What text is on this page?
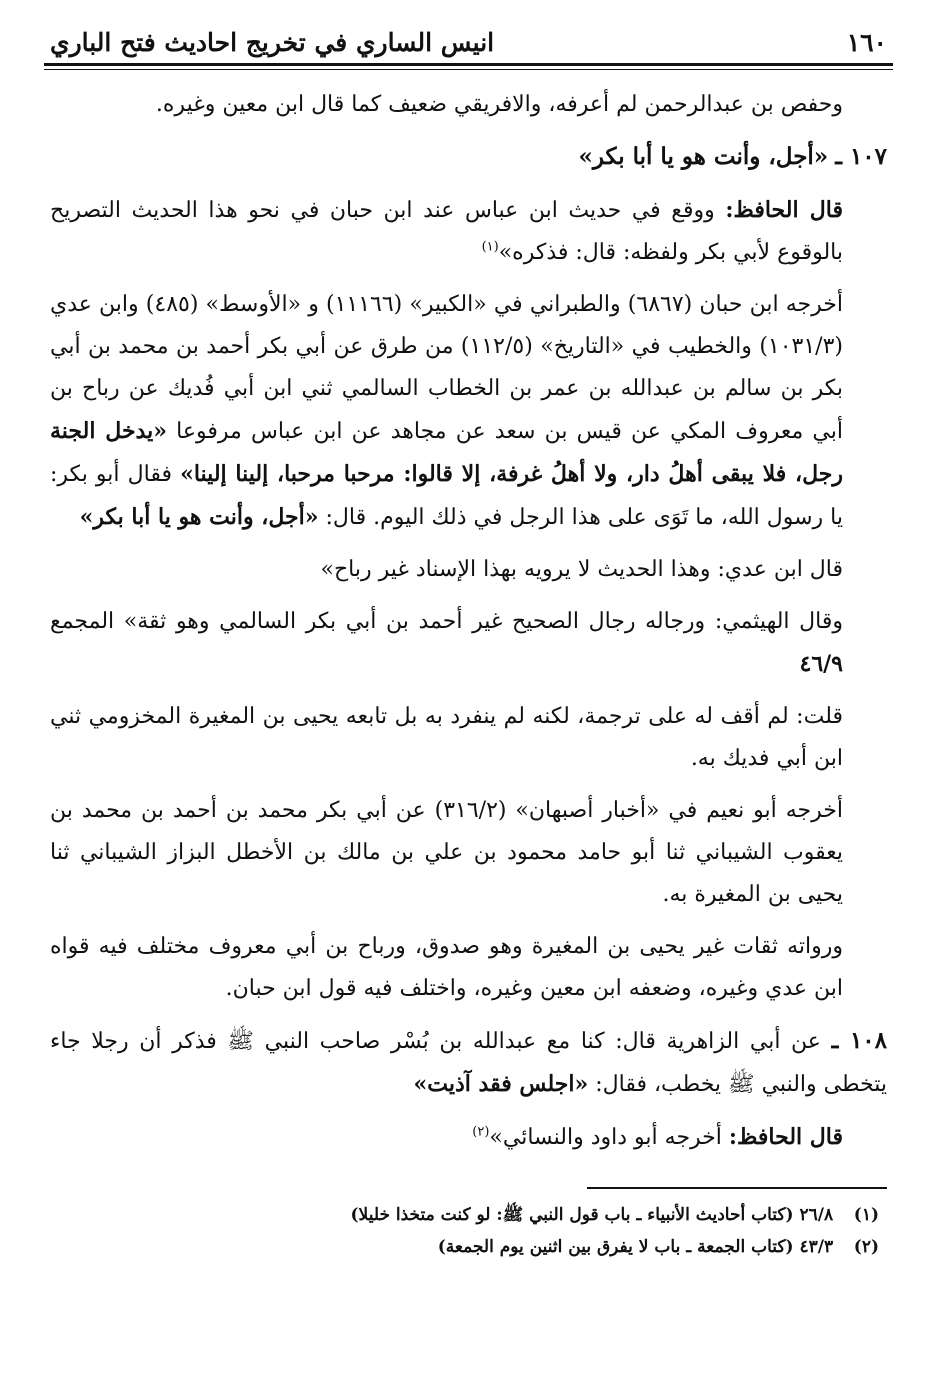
١٦٠
انيس الساري في تخريج احاديث فتح الباري

وحفص بن عبدالرحمن لم أعرفه، والافريقي ضعيف كما قال ابن معين وغيره.

١٠٧ ـ «أجل، وأنت هو يا أبا بكر»

قال الحافظ: ووقع في حديث ابن عباس عند ابن حبان في نحو هذا الحديث التصريح بالوقوع لأبي بكر ولفظه: قال: فذكره»$^{(١)}$

أخرجه ابن حبان (٦٨٦٧) والطبراني في «الكبير» (١١١٦٦) و «الأوسط» (٤٨٥) وابن عدي (١٠٣١/٣) والخطيب في «التاريخ» (١١٢/٥) من طرق عن أبي بكر أحمد بن محمد بن أبي بكر بن سالم بن عبدالله بن عمر بن الخطاب السالمي ثني ابن أبي فُديك عن رباح بن أبي معروف المكي عن قيس بن سعد عن مجاهد عن ابن عباس مرفوعا «يدخل الجنة رجل، فلا يبقى أهلُ دار، ولا أهلُ غرفة، إلا قالوا: مرحبا مرحبا، إلينا إلينا» فقال أبو بكر: يا رسول الله، ما تَوَى على هذا الرجل في ذلك اليوم. قال: «أجل، وأنت هو يا أبا بكر»

قال ابن عدي: وهذا الحديث لا يرويه بهذا الإسناد غير رباح»

وقال الهيثمي: ورجاله رجال الصحيح غير أحمد بن أبي بكر السالمي وهو ثقة» المجمع ٤٦/٩

قلت: لم أقف له على ترجمة، لكنه لم ينفرد به بل تابعه يحيى بن المغيرة المخزومي ثني ابن أبي فديك به.

أخرجه أبو نعيم في «أخبار أصبهان» (٣١٦/٢) عن أبي بكر محمد بن أحمد بن محمد بن يعقوب الشيباني ثنا أبو حامد محمود بن علي بن مالك بن الأخطل البزاز الشيباني ثنا يحيى بن المغيرة به.

ورواته ثقات غير يحيى بن المغيرة وهو صدوق، ورباح بن أبي معروف مختلف فيه قواه ابن عدي وغيره، وضعفه ابن معين وغيره، واختلف فيه قول ابن حبان.

١٠٨ ـ عن أبي الزاهرية قال: كنا مع عبدالله بن بُسْر صاحب النبي ﷺ فذكر أن رجلا جاء يتخطى والنبي ﷺ يخطب، فقال: «اجلس فقد آذيت»

قال الحافظ: أخرجه أبو داود والنسائي»$^{(٢)}$

(١) ٢٦/٨ (كتاب أحاديث الأنبياء ـ باب قول النبي ﷺ: لو كنت متخذا خليلا)
(٢) ٤٣/٣ (كتاب الجمعة ـ باب لا يفرق بين اثنين يوم الجمعة)
